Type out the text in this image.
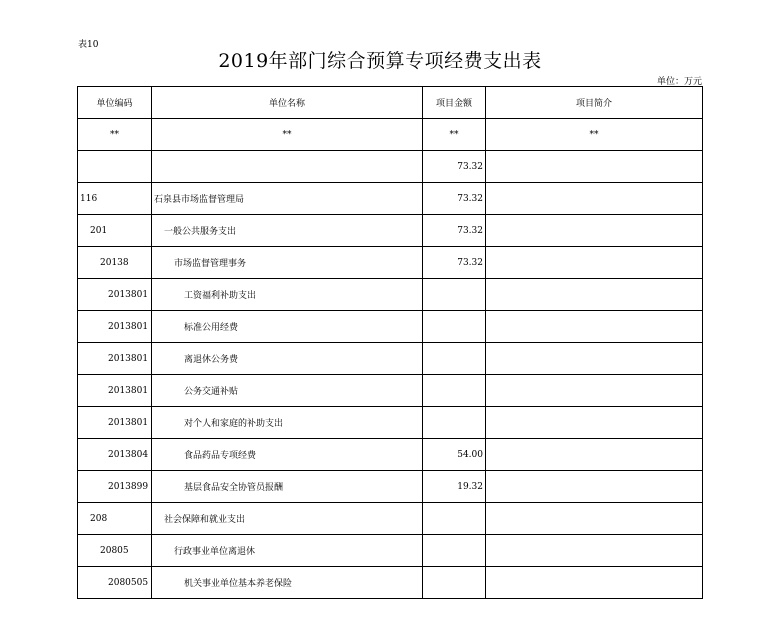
表10
2019年部门综合预算专项经费支出表
单位：万元
单位编码	单位名称	项目金额	项目简介
**	**	**	**
		73.32	
116	石泉县市场监督管理局	73.32	
201	一般公共服务支出	73.32	
20138	市场监督管理事务	73.32	
2013801	工资福利补助支出		
2013801	标准公用经费		
2013801	离退休公务费		
2013801	公务交通补贴		
2013801	对个人和家庭的补助支出		
2013804	食品药品专项经费	54.00	
2013899	基层食品安全协管员报酬	19.32	
208	社会保障和就业支出		
20805	行政事业单位离退休		
2080505	机关事业单位基本养老保险		
